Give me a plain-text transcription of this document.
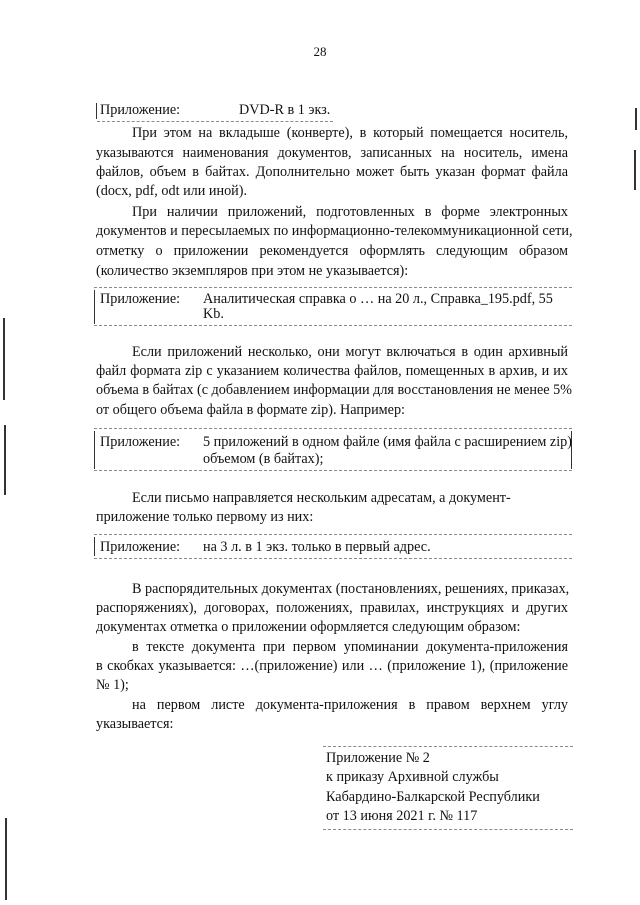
28
Приложение:	DVD-R в 1 экз.
При этом на вкладыше (конверте), в который помещается носитель,
указываются наименования документов, записанных на носитель, имена
файлов, объем в байтах. Дополнительно может быть указан формат файла
(docx, pdf, odt или иной).
При наличии приложений, подготовленных в форме электронных
документов и пересылаемых по информационно-телекоммуникационной сети,
отметку о приложении рекомендуется оформлять следующим образом
(количество экземпляров при этом не указывается):
Приложение: Аналитическая справка о … на 20 л., Справка_195.pdf, 55
Kb.
Если приложений несколько, они могут включаться в один архивный
файл формата zip с указанием количества файлов, помещенных в архив, и их
объема в байтах (с добавлением информации для восстановления не менее 5%
от общего объема файла в формате zip). Например:
Приложение: 5 приложений в одном файле (имя файла с расширением zip)
объемом (в байтах);
Если письмо направляется нескольким адресатам, а документ-
приложение только первому из них:
Приложение: на 3 л. в 1 экз. только в первый адрес.
В распорядительных документах (постановлениях, решениях, приказах,
распоряжениях), договорах, положениях, правилах, инструкциях и других
документах отметка о приложении оформляется следующим образом:
в тексте документа при первом упоминании документа-приложения
в скобках указывается: …(приложение) или … (приложение 1), (приложение
№ 1);
на первом листе документа-приложения в правом верхнем углу
указывается:
Приложение № 2
к приказу Архивной службы
Кабардино-Балкарской Республики
от 13 июня 2021 г. № 117
